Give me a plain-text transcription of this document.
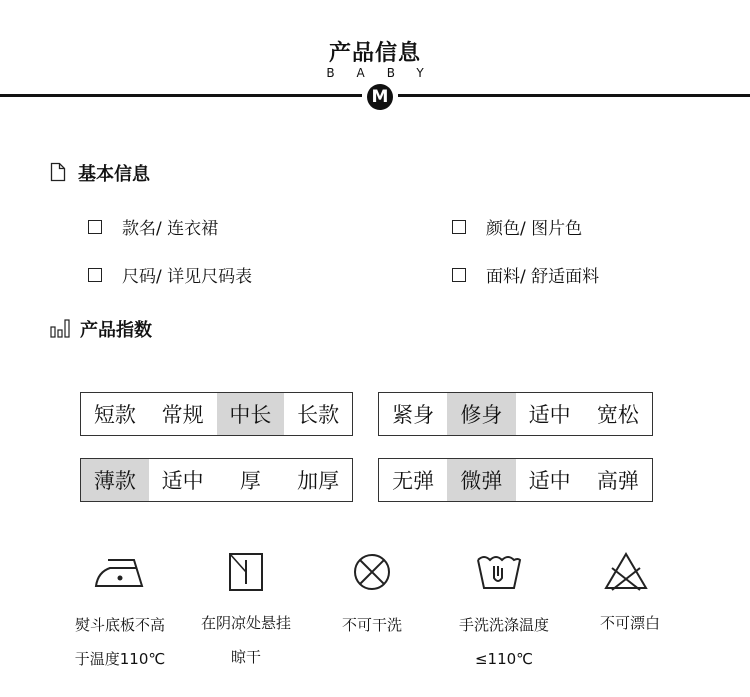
产品信息
BABY
M
基本信息
款名/ 连衣裙	颜色/ 图片色
尺码/ 详见尺码表	面料/ 舒适面料
产品指数
短款	常规	中长	长款	紧身	修身	适中	宽松
薄款	适中	厚	加厚	无弹	微弹	适中	高弹
熨斗底板不高
于温度110℃
在阴凉处悬挂
晾干
不可干洗	手洗洗涤温度
≤110℃
不可漂白
